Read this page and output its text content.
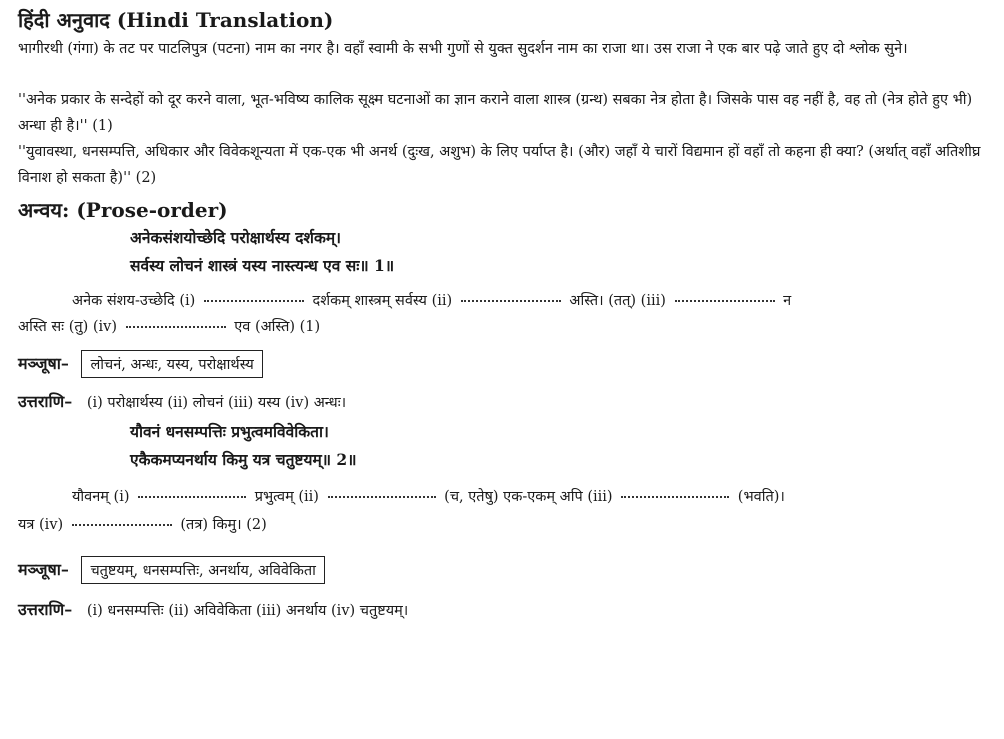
हिंदी अनुवाद (Hindi Translation)
भागीरथी (गंगा) के तट पर पाटलिपुत्र (पटना) नाम का नगर है। वहाँ स्वामी के सभी गुणों से युक्त सुदर्शन नाम का राजा था। उस राजा ने एक बार पढ़े जाते हुए दो श्लोक सुने।
''अनेक प्रकार के सन्देहों को दूर करने वाला, भूत-भविष्य कालिक सूक्ष्म घटनाओं का ज्ञान कराने वाला शास्त्र (ग्रन्थ) सबका नेत्र होता है। जिसके पास वह नहीं है, वह तो (नेत्र होते हुए भी) अन्धा ही है।'' (1)
''युवावस्था, धनसम्पत्ति, अधिकार और विवेकशून्यता में एक-एक भी अनर्थ (दुःख, अशुभ) के लिए पर्याप्त है। (और) जहाँ ये चारों विद्यमान हों वहाँ तो कहना ही क्या? (अर्थात् वहाँ अतिशीघ्र विनाश हो सकता है)'' (2)
अन्वय: (Prose-order)
अनेकसंशयोच्छेदि परोक्षार्थस्य दर्शकम्।
सर्वस्य लोचनं शास्त्रं यस्य नास्त्यन्ध एव सः॥ 1॥
अनेक संशय-उच्छेदि (i)	दर्शकम् शास्त्रम् सर्वस्य (ii)	अस्ति। (तत्) (iii)	न
अस्ति सः (तु) (iv)	एव (अस्ति) (1)
मञ्जूषा– लोचनं, अन्धः, यस्य, परोक्षार्थस्य
उत्तराणि– (i) परोक्षार्थस्य (ii) लोचनं (iii) यस्य (iv) अन्धः।
यौवनं धनसम्पत्तिः प्रभुत्वमविवेकिता।
एकैकमप्यनर्थाय किमु यत्र चतुष्टयम्॥ 2॥
यौवनम् (i)	प्रभुत्वम् (ii)	(च, एतेषु) एक-एकम् अपि (iii)	(भवति)।
यत्र (iv)	(तत्र) किमु। (2)
मञ्जूषा– चतुष्टयम्, धनसम्पत्तिः, अनर्थाय, अविवेकिता
उत्तराणि– (i) धनसम्पत्तिः (ii) अविवेकिता (iii) अनर्थाय (iv) चतुष्टयम्।
